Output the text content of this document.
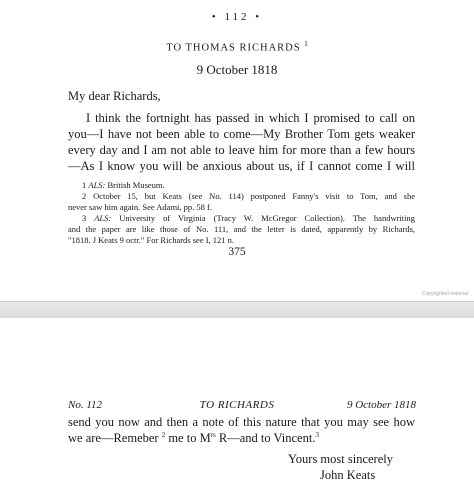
• 112 •
TO THOMAS RICHARDS $^1$
9 October 1818
My dear Richards,
I think the fortnight has passed in which I promised to call on
you—I have not been able to come—My Brother Tom gets weaker
every day and I am not able to leave him for more than a few hours
—As I know you will be anxious about us, if I cannot come I will
1 ALS: British Museum.
2 October 15, but Keats (see No. 114) postponed Fanny's visit to Tom, and she
never saw him again. See Adami, pp. 58 f.
3 ALS: University of Virginia (Tracy W. McGregor Collection). The handwriting
and the paper are like those of No. 111, and the letter is dated, apparently by Richards,
"1818. J Keats 9 octr." For Richards see I, 121 n.
375
Copyrighted material
No. 112	TO RICHARDS	9 October 1818
send you now and then a note of this nature that you may see how
we are—Remeber $^2$ me to $M^{rs}$ R—and to Vincent.$^3$
Yours most sincerely
John Keats
